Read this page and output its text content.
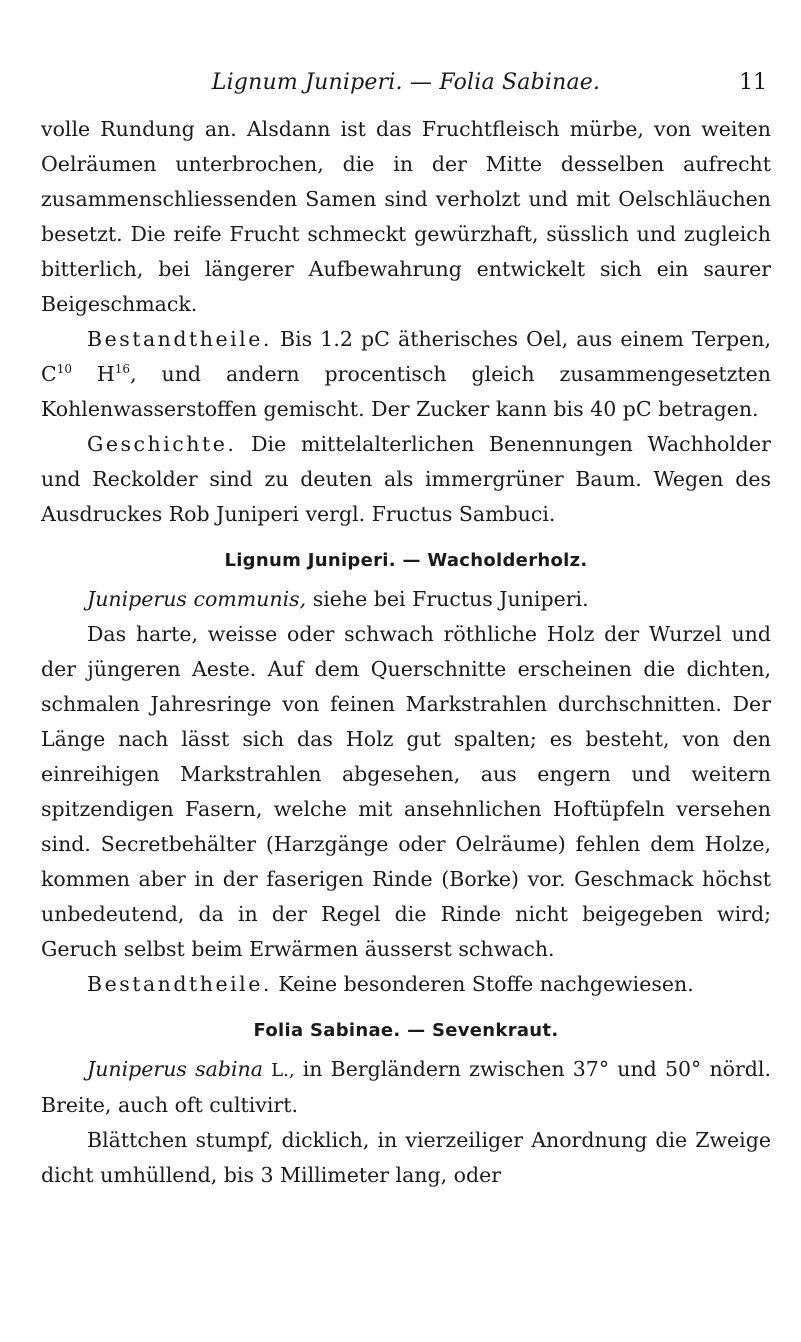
Lignum Juniperi. — Folia Sabinae.	11

volle Rundung an. Alsdann ist das Fruchtfleisch mürbe, von weiten Oelräumen unterbrochen, die in der Mitte desselben aufrecht zusammenschliessenden Samen sind verholzt und mit Oelschläuchen besetzt. Die reife Frucht schmeckt gewürzhaft, süsslich und zugleich bitterlich, bei längerer Aufbewahrung entwickelt sich ein saurer Beigeschmack.

Bestandtheile. Bis 1.2 pC ätherisches Oel, aus einem Terpen, $C^{10}$ $H^{16}$, und andern procentisch gleich zusammengesetzten Kohlenwasserstoffen gemischt. Der Zucker kann bis 40 pC betragen.

Geschichte. Die mittelalterlichen Benennungen Wachholder und Reckolder sind zu deuten als immergrüner Baum. Wegen des Ausdruckes Rob Juniperi vergl. Fructus Sambuci.

Lignum Juniperi. — Wacholderholz.

Juniperus communis, siehe bei Fructus Juniperi.

Das harte, weisse oder schwach röthliche Holz der Wurzel und der jüngeren Aeste. Auf dem Querschnitte erscheinen die dichten, schmalen Jahresringe von feinen Markstrahlen durchschnitten. Der Länge nach lässt sich das Holz gut spalten; es besteht, von den einreihigen Markstrahlen abgesehen, aus engern und weitern spitzendigen Fasern, welche mit ansehnlichen Hoftüpfeln versehen sind. Secretbehälter (Harzgänge oder Oelräume) fehlen dem Holze, kommen aber in der faserigen Rinde (Borke) vor. Geschmack höchst unbedeutend, da in der Regel die Rinde nicht beigegeben wird; Geruch selbst beim Erwärmen äusserst schwach.

Bestandtheile. Keine besonderen Stoffe nachgewiesen.

Folia Sabinae. — Sevenkraut.

Juniperus sabina L., in Bergländern zwischen 37° und 50° nördl. Breite, auch oft cultivirt.

Blättchen stumpf, dicklich, in vierzeiliger Anordnung die Zweige dicht umhüllend, bis 3 Millimeter lang, oder
